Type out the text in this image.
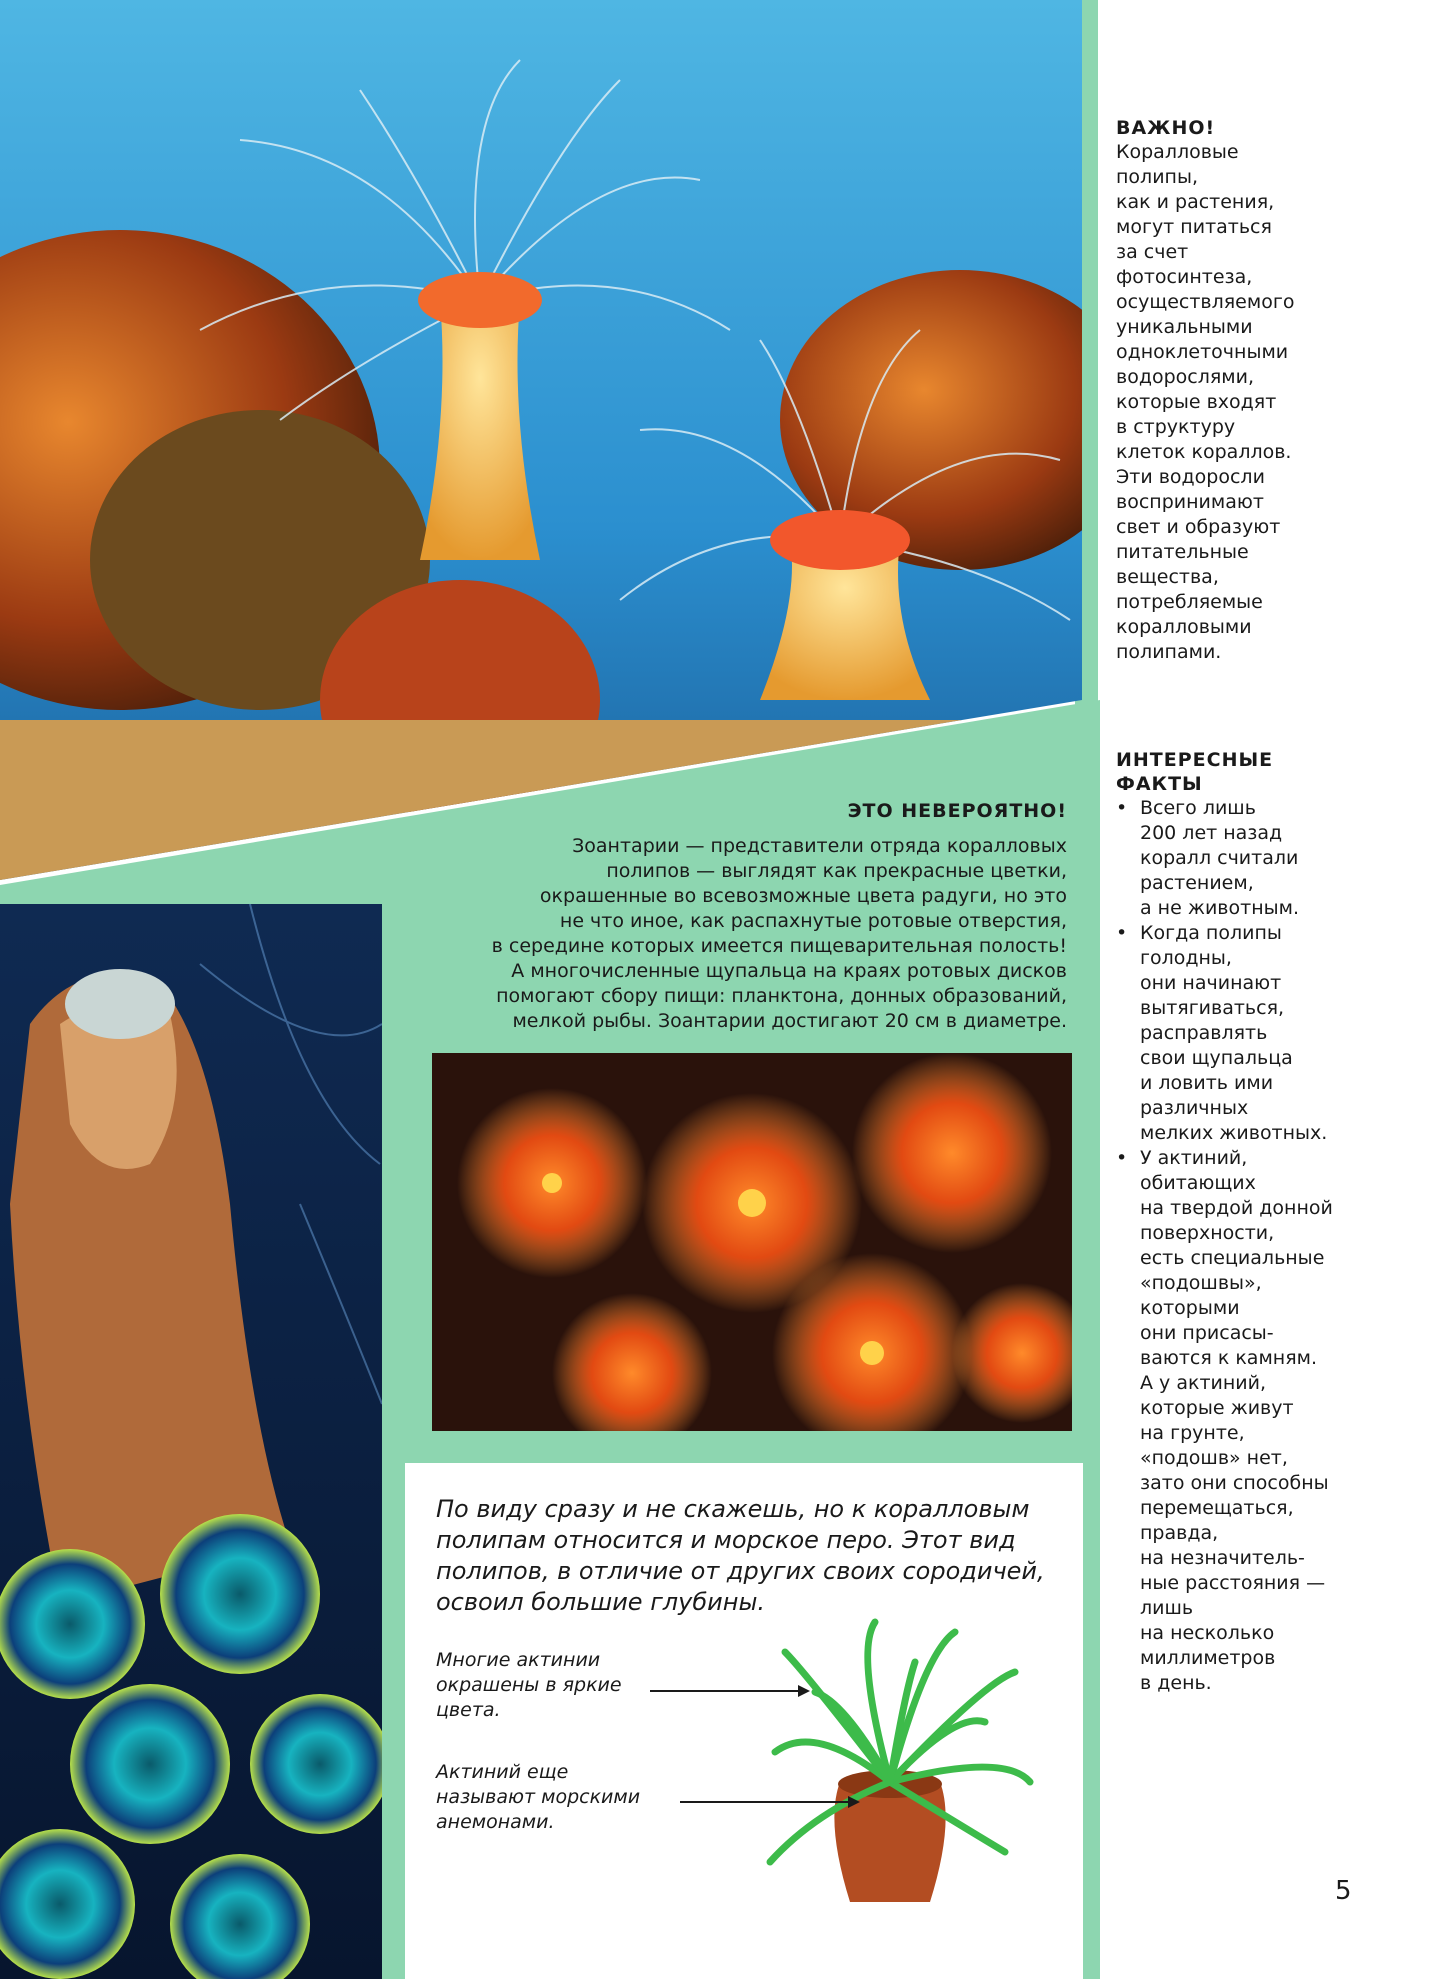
ВАЖНО!
Коралловые
полипы,
как и растения,
могут питаться
за счет
фотосинтеза,
осуществляемого
уникальными
одноклеточными
водорослями,
которые входят
в структуру
клеток кораллов.
Эти водоросли
воспринимают
свет и образуют
питательные
вещества,
потребляемые
коралловыми
полипами.
ИНТЕРЕСНЫЕ
ФАКТЫ
• Всего лишь
200 лет назад
коралл считали
растением,
а не животным.
• Когда полипы
голодны,
они начинают
вытягиваться,
расправлять
свои щупальца
и ловить ими
различных
мелких животных.
• У актиний,
обитающих
на твердой донной
поверхности,
есть специальные
«подошвы»,
которыми
они присасы-
ваются к камням.
А у актиний,
которые живут
на грунте,
«подошв» нет,
зато они способны
перемещаться,
правда,
на незначитель-
ные расстояния —
лишь
на несколько
миллиметров
в день.
ЭТО НЕВЕРОЯТНО!
Зоантарии — представители отряда коралловых
полипов — выглядят как прекрасные цветки,
окрашенные во всевозможные цвета радуги, но это
не что иное, как распахнутые ротовые отверстия,
в середине которых имеется пищеварительная полость!
А многочисленные щупальца на краях ротовых дисков
помогают сбору пищи: планктона, донных образований,
мелкой рыбы. Зоантарии достигают 20 см в диаметре.
По виду сразу и не скажешь, но к коралловым
полипам относится и морское перо. Этот вид
полипов, в отличие от других своих сородичей,
освоил большие глубины.
Многие актинии
окрашены в яркие
цвета.
Актиний еще
называют морскими
анемонами.
5
